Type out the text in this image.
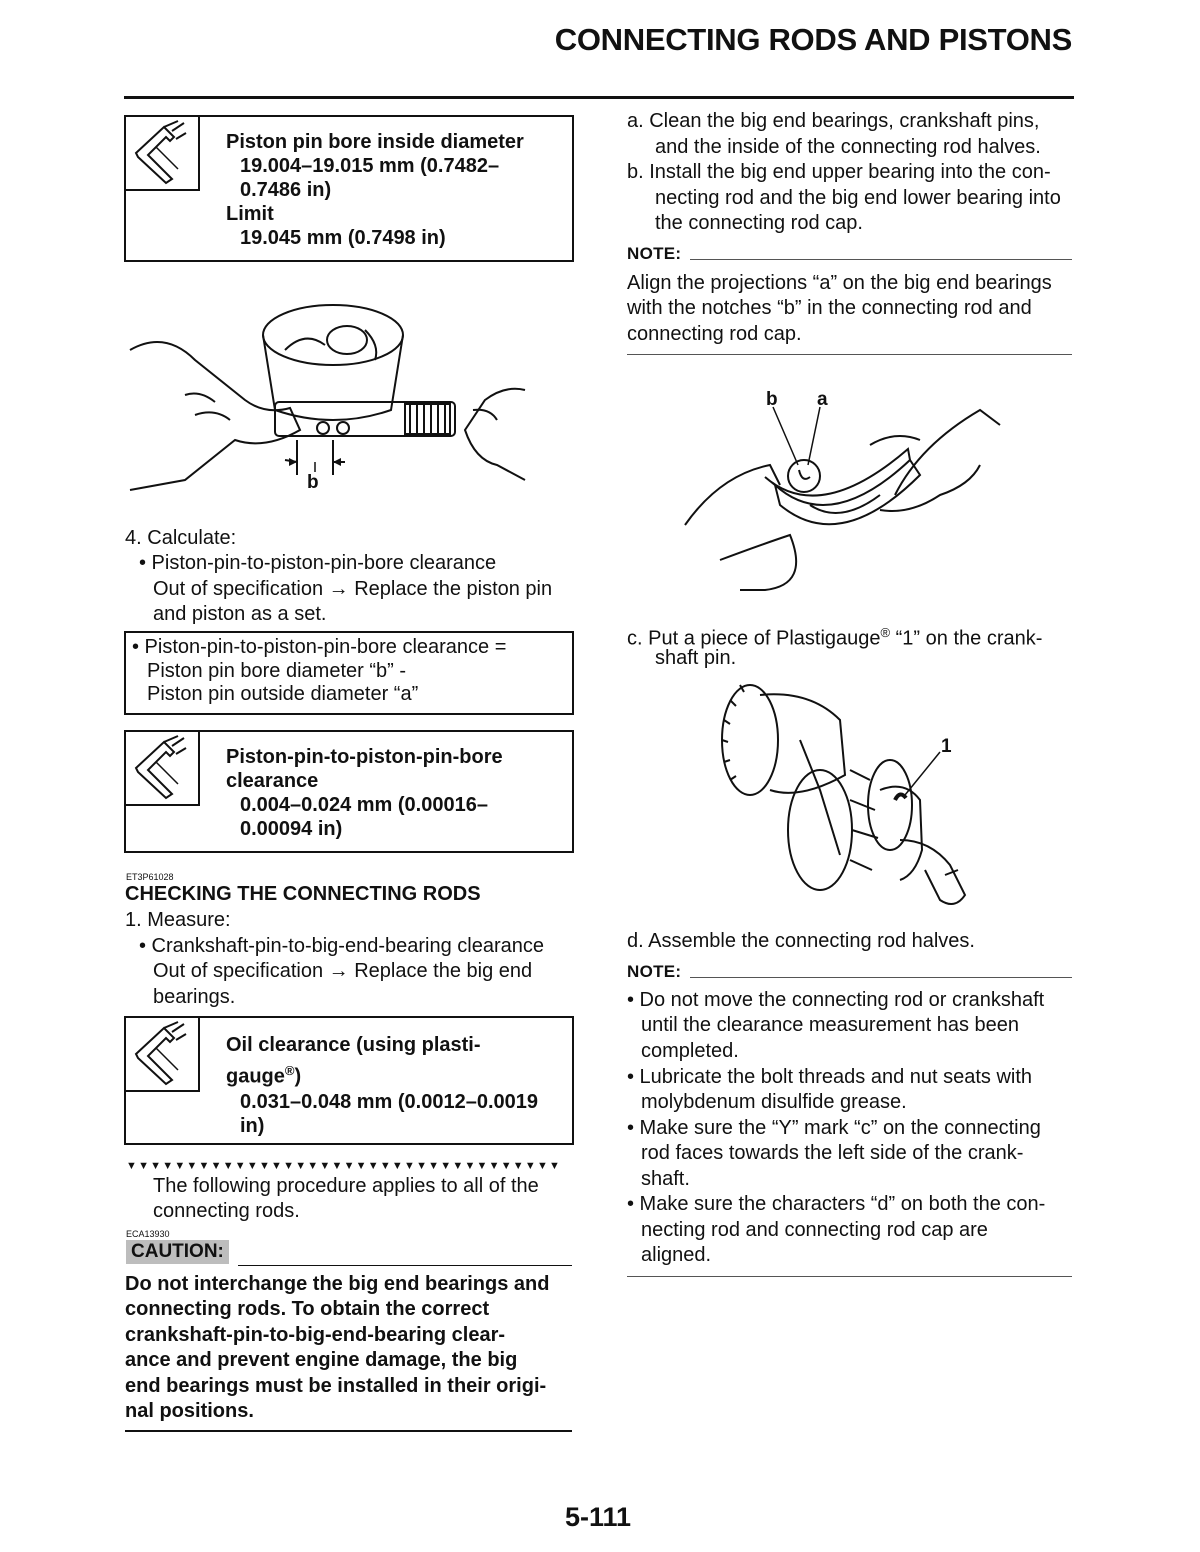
CONNECTING RODS AND PISTONS
Piston pin bore inside diameter
19.004–19.015 mm (0.7482–
0.7486 in)
Limit
19.045 mm (0.7498 in)
b
4. Calculate:
• Piston-pin-to-piston-pin-bore clearance
Out of specification → Replace the piston pin
and piston as a set.
• Piston-pin-to-piston-pin-bore clearance =
Piston pin bore diameter “b” -
Piston pin outside diameter “a”
Piston-pin-to-piston-pin-bore
clearance
0.004–0.024 mm (0.00016–
0.00094 in)
ET3P61028
CHECKING THE CONNECTING RODS
1. Measure:
• Crankshaft-pin-to-big-end-bearing clearance
Out of specification → Replace the big end
bearings.
Oil clearance (using plasti-
gauge®)
0.031–0.048 mm (0.0012–0.0019
in)
▼▼▼▼▼▼▼▼▼▼▼▼▼▼▼▼▼▼▼▼▼▼▼▼▼▼▼▼▼▼▼▼▼▼▼▼
The following procedure applies to all of the
connecting rods.
ECA13930
CAUTION:
Do not interchange the big end bearings and
connecting rods. To obtain the correct
crankshaft-pin-to-big-end-bearing clear-
ance and prevent engine damage, the big
end bearings must be installed in their origi-
nal positions.
a. Clean the big end bearings, crankshaft pins,
and the inside of the connecting rod halves.
b. Install the big end upper bearing into the con-
necting rod and the big end lower bearing into
the connecting rod cap.
NOTE:
Align the projections “a” on the big end bearings
with the notches “b” in the connecting rod and
connecting rod cap.
b a
c. Put a piece of Plastigauge® “1” on the crank-
shaft pin.
1
d. Assemble the connecting rod halves.
NOTE:
• Do not move the connecting rod or crankshaft
until the clearance measurement has been
completed.
• Lubricate the bolt threads and nut seats with
molybdenum disulfide grease.
• Make sure the “Y” mark “c” on the connecting
rod faces towards the left side of the crank-
shaft.
• Make sure the characters “d” on both the con-
necting rod and connecting rod cap are
aligned.
5-111
